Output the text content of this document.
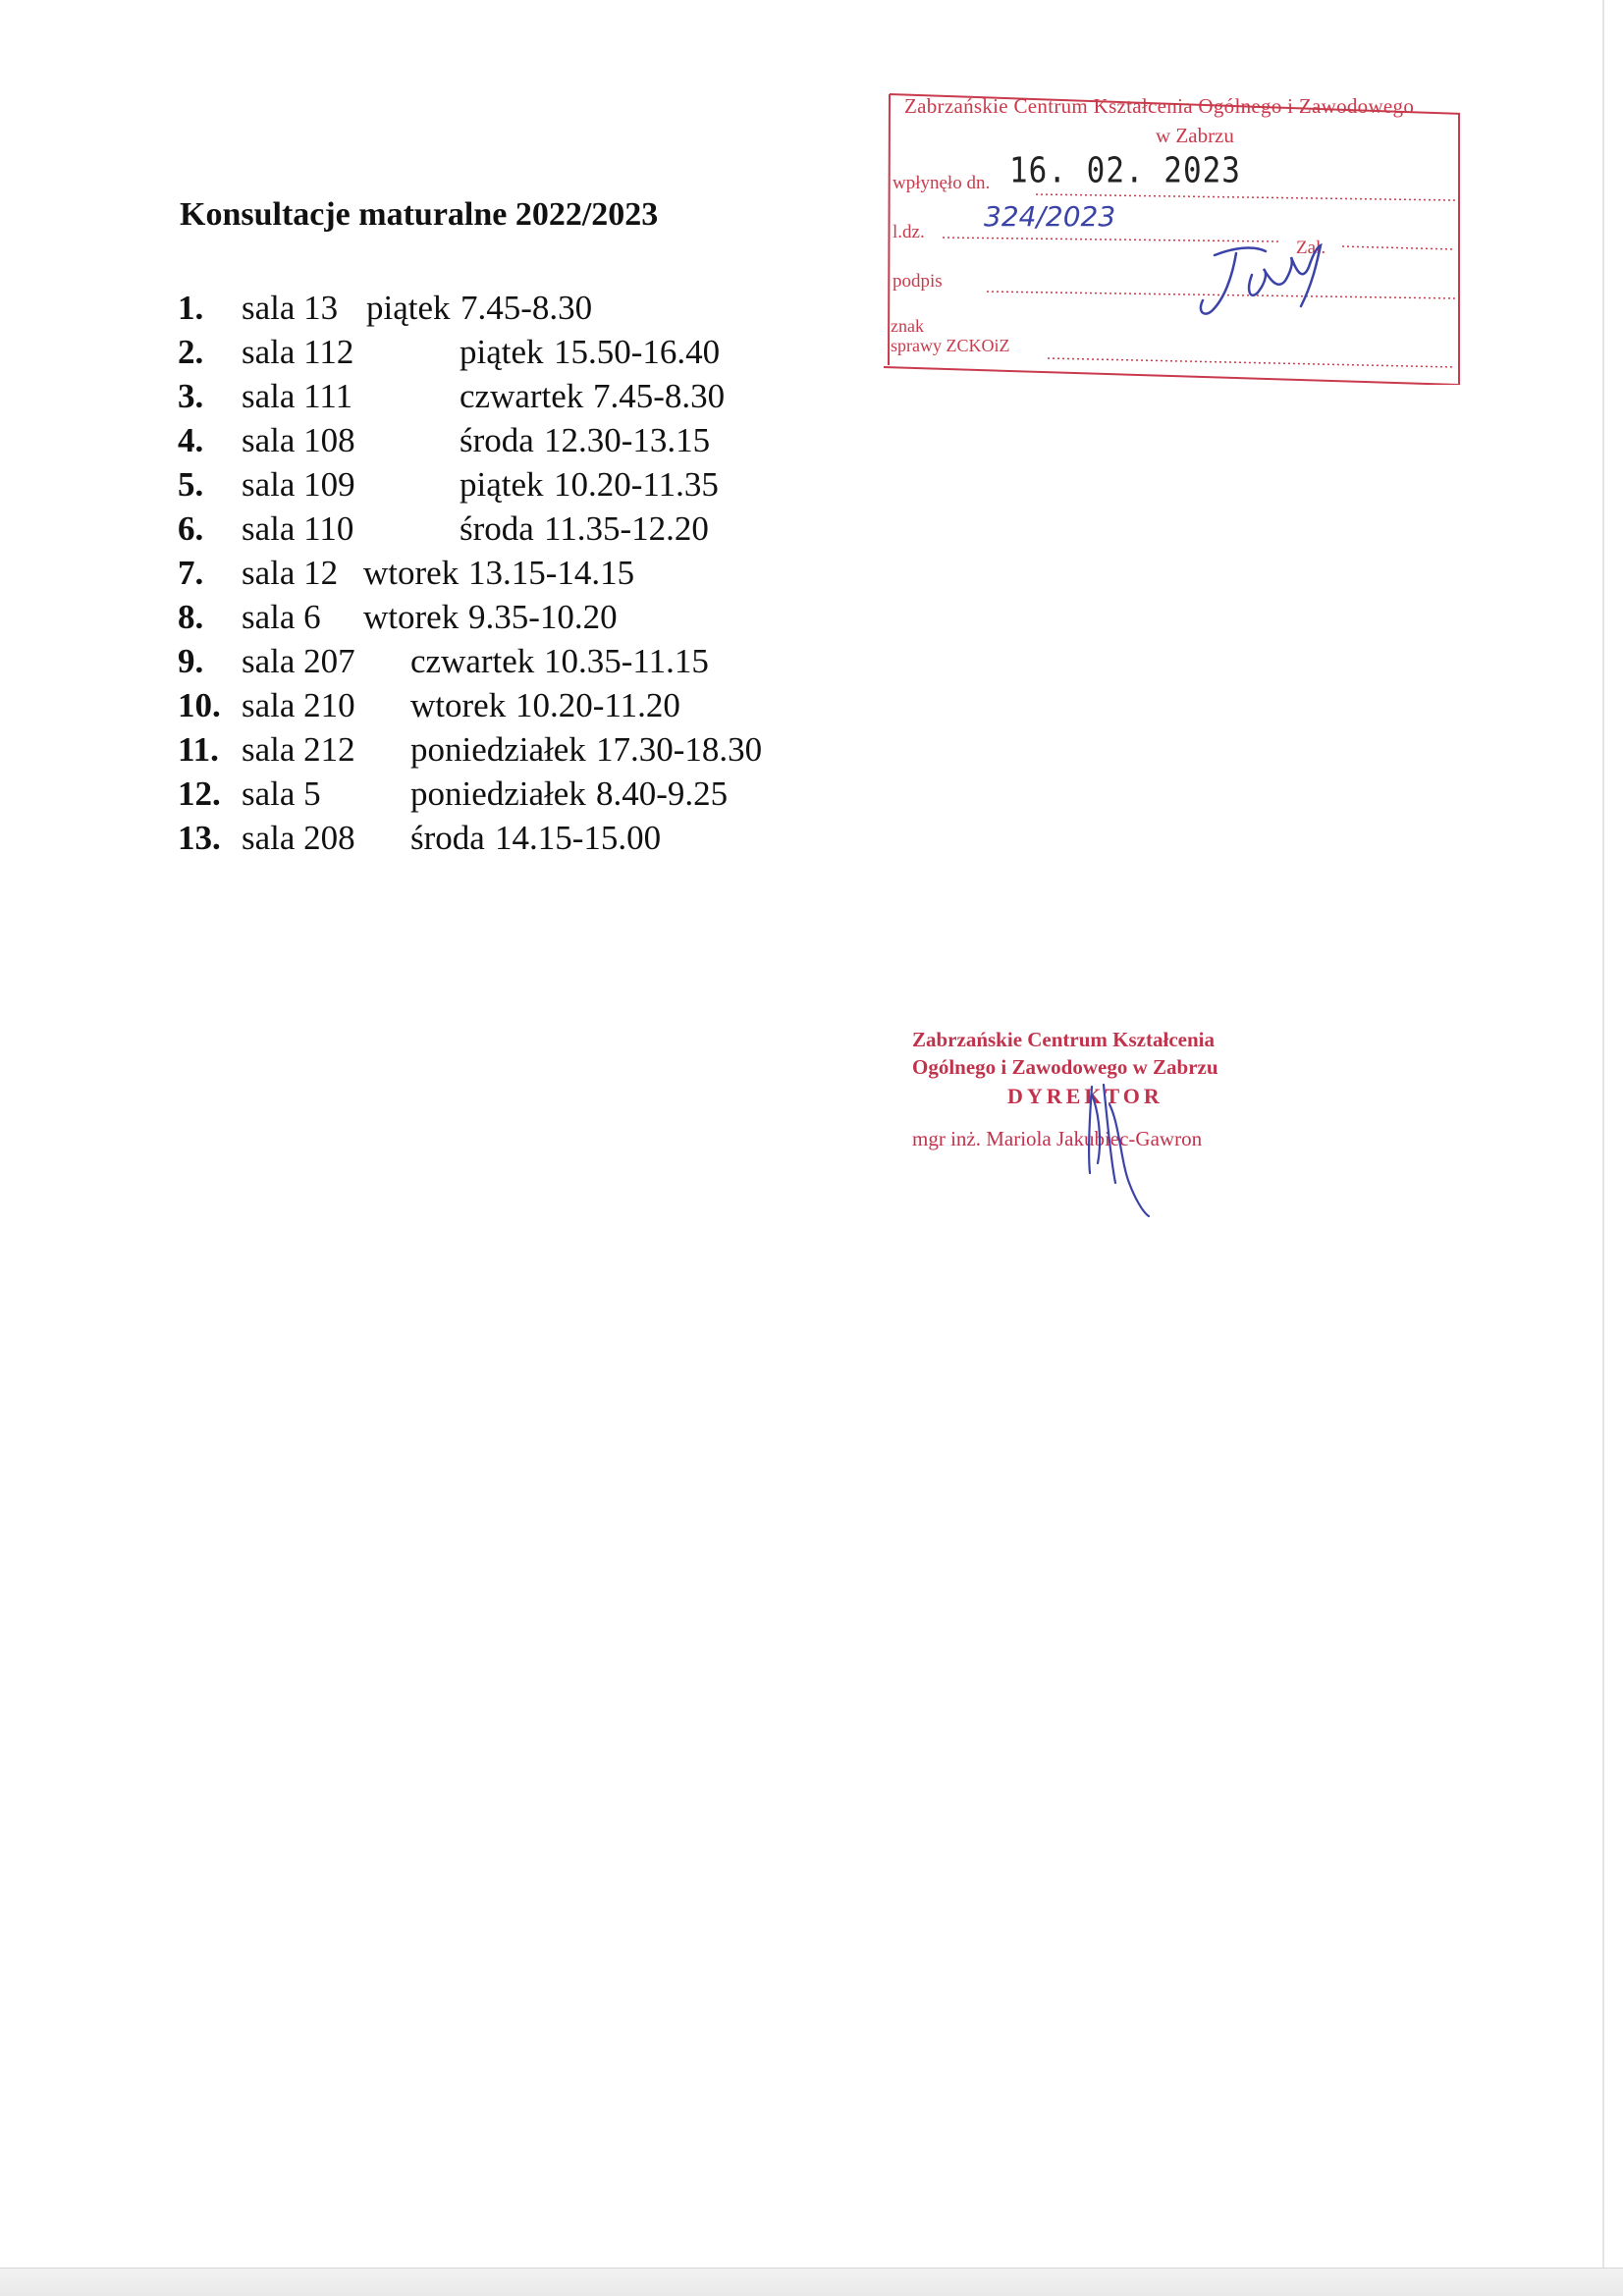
Konsultacje maturalne 2022/2023
1. sala 13 piątek 7.45-8.30
2. sala 112	piątek 15.50-16.40
3. sala 111	czwartek 7.45-8.30
4. sala 108	środa 12.30-13.15
5. sala 109	piątek 10.20-11.35
6. sala 110	środa 11.35-12.20
7. sala 12 wtorek 13.15-14.15
8. sala 6 wtorek 9.35-10.20
9. sala 207 czwartek 10.35-11.15
10. sala 210 wtorek 10.20-11.20
11. sala 212 poniedziałek 17.30-18.30
12. sala 5	poniedziałek 8.40-9.25
13. sala 208 środa 14.15-15.00
Zabrzańskie Centrum Kształcenia Ogólnego i Zawodowego
w Zabrzu
wpłynęło dn. 16. 02. 2023
l.dz. 324/2023
Zał.
podpis
znak
sprawy ZCKOiZ
Zabrzańskie Centrum Kształcenia
Ogólnego i Zawodowego w Zabrzu
DYREKTOR
mgr inż. Mariola Jakubiec-Gawron
